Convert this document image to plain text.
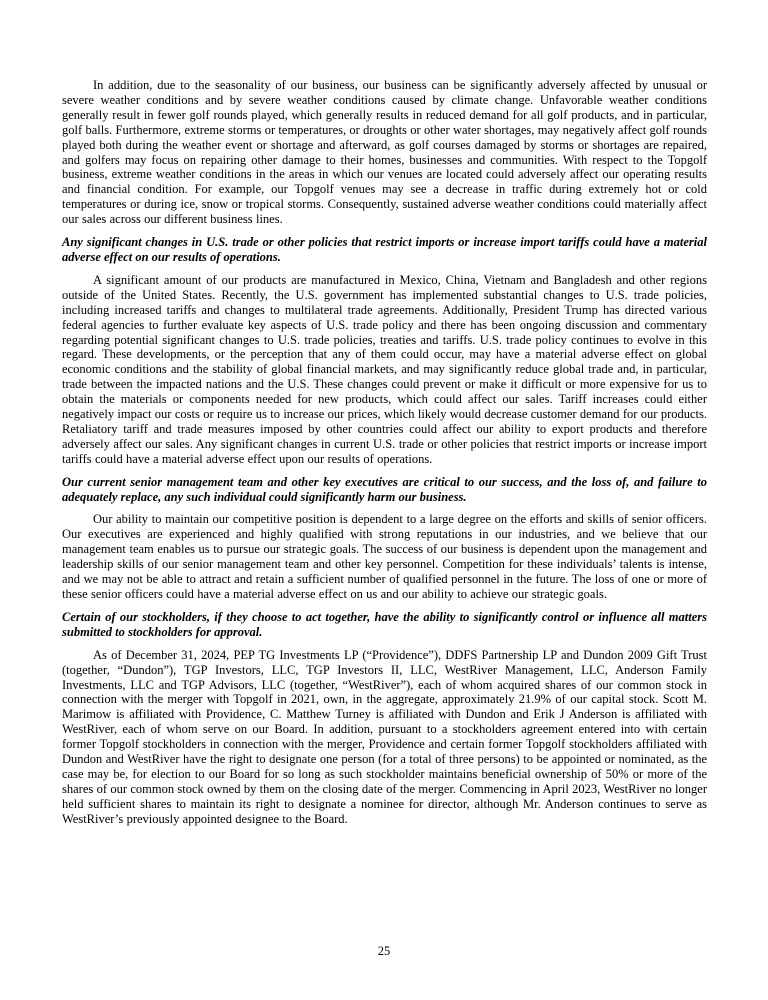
In addition, due to the seasonality of our business, our business can be significantly adversely affected by unusual or severe weather conditions and by severe weather conditions caused by climate change. Unfavorable weather conditions generally result in fewer golf rounds played, which generally results in reduced demand for all golf products, and in particular, golf balls. Furthermore, extreme storms or temperatures, or droughts or other water shortages, may negatively affect golf rounds played both during the weather event or shortage and afterward, as golf courses damaged by storms or shortages are repaired, and golfers may focus on repairing other damage to their homes, businesses and communities. With respect to the Topgolf business, extreme weather conditions in the areas in which our venues are located could adversely affect our operating results and financial condition. For example, our Topgolf venues may see a decrease in traffic during extremely hot or cold temperatures or during ice, snow or tropical storms. Consequently, sustained adverse weather conditions could materially affect our sales across our different business lines.

Any significant changes in U.S. trade or other policies that restrict imports or increase import tariffs could have a material adverse effect on our results of operations.

A significant amount of our products are manufactured in Mexico, China, Vietnam and Bangladesh and other regions outside of the United States. Recently, the U.S. government has implemented substantial changes to U.S. trade policies, including increased tariffs and changes to multilateral trade agreements. Additionally, President Trump has directed various federal agencies to further evaluate key aspects of U.S. trade policy and there has been ongoing discussion and commentary regarding potential significant changes to U.S. trade policies, treaties and tariffs. U.S. trade policy continues to evolve in this regard. These developments, or the perception that any of them could occur, may have a material adverse effect on global economic conditions and the stability of global financial markets, and may significantly reduce global trade and, in particular, trade between the impacted nations and the U.S. These changes could prevent or make it difficult or more expensive for us to obtain the materials or components needed for new products, which could affect our sales. Tariff increases could either negatively impact our costs or require us to increase our prices, which likely would decrease customer demand for our products. Retaliatory tariff and trade measures imposed by other countries could affect our ability to export products and therefore adversely affect our sales. Any significant changes in current U.S. trade or other policies that restrict imports or increase import tariffs could have a material adverse effect upon our results of operations.

Our current senior management team and other key executives are critical to our success, and the loss of, and failure to adequately replace, any such individual could significantly harm our business.

Our ability to maintain our competitive position is dependent to a large degree on the efforts and skills of senior officers. Our executives are experienced and highly qualified with strong reputations in our industries, and we believe that our management team enables us to pursue our strategic goals. The success of our business is dependent upon the management and leadership skills of our senior management team and other key personnel. Competition for these individuals’ talents is intense, and we may not be able to attract and retain a sufficient number of qualified personnel in the future. The loss of one or more of these senior officers could have a material adverse effect on us and our ability to achieve our strategic goals.

Certain of our stockholders, if they choose to act together, have the ability to significantly control or influence all matters submitted to stockholders for approval.

As of December 31, 2024, PEP TG Investments LP (“Providence”), DDFS Partnership LP and Dundon 2009 Gift Trust (together, “Dundon”), TGP Investors, LLC, TGP Investors II, LLC, WestRiver Management, LLC, Anderson Family Investments, LLC and TGP Advisors, LLC (together, “WestRiver”), each of whom acquired shares of our common stock in connection with the merger with Topgolf in 2021, own, in the aggregate, approximately 21.9% of our capital stock. Scott M. Marimow is affiliated with Providence, C. Matthew Turney is affiliated with Dundon and Erik J Anderson is affiliated with WestRiver, each of whom serve on our Board. In addition, pursuant to a stockholders agreement entered into with certain former Topgolf stockholders in connection with the merger, Providence and certain former Topgolf stockholders affiliated with Dundon and WestRiver have the right to designate one person (for a total of three persons) to be appointed or nominated, as the case may be, for election to our Board for so long as such stockholder maintains beneficial ownership of 50% or more of the shares of our common stock owned by them on the closing date of the merger. Commencing in April 2023, WestRiver no longer held sufficient shares to maintain its right to designate a nominee for director, although Mr. Anderson continues to serve as WestRiver’s previously appointed designee to the Board.

25
